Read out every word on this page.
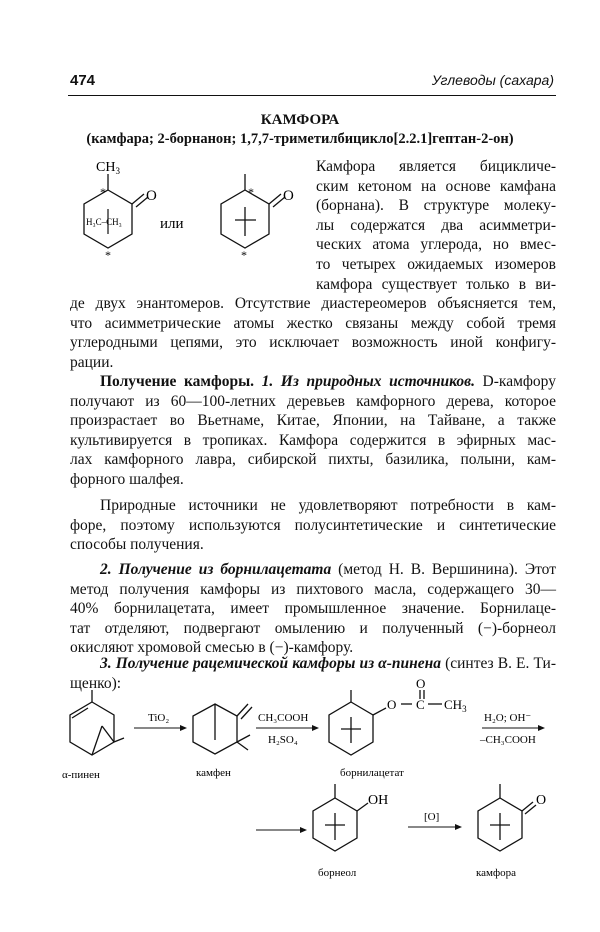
474	Углеводы (сахара)
КАМФОРА
(камфара; 2-борнанон; 1,7,7-триметилбицикло[2.2.1]гептан-2-он)
$CH_3$
O
*
*
H₃C–CH₃	или
O
*
*
Камфора является бицикличе-
ским кетоном на основе камфана
(борнана). В структуре молеку-
лы содержатся два асимметри-
ческих атома углерода, но вмес-
то четырех ожидаемых изомеров
камфора существует только в ви-
де двух энантомеров. Отсутствие диастереомеров объясняется тем,
что асимметрические атомы жестко связаны между собой тремя
углеродными цепями, это исключает возможность иной конфигу-
рации.
Получение камфоры. 1. Из природных источников. D-камфору
получают из 60—100-летних деревьев камфорного дерева, которое
произрастает во Вьетнаме, Китае, Японии, на Тайване, а также
культивируется в тропиках. Камфора содержится в эфирных мас-
лах камфорного лавра, сибирской пихты, базилика, полыни, кам-
форного шалфея.
Природные источники не удовлетворяют потребности в кам-
форе, поэтому используются полусинтетические и синтетические
способы получения.
2. Получение из борнилацетата (метод Н. В. Вершинина). Этот
метод получения камфоры из пихтового масла, содержащего 30—
40% борнилацетата, имеет промышленное значение. Борнилаце-
тат отделяют, подвергают омылению и полученный (−)-борнеол
окисляют хромовой смесью в (−)-камфору.
3. Получение рацемической камфоры из α-пинена (синтез В. Е. Ти-
щенко):
α-пинен
TiO₂
камфен
CH₃COOH
H₂SO₄
O C
O
$CH_3$
борнилацетат
H₂O; OH⁻
–CH₃COOH
OH
борнеол
[O]
O
камфора
